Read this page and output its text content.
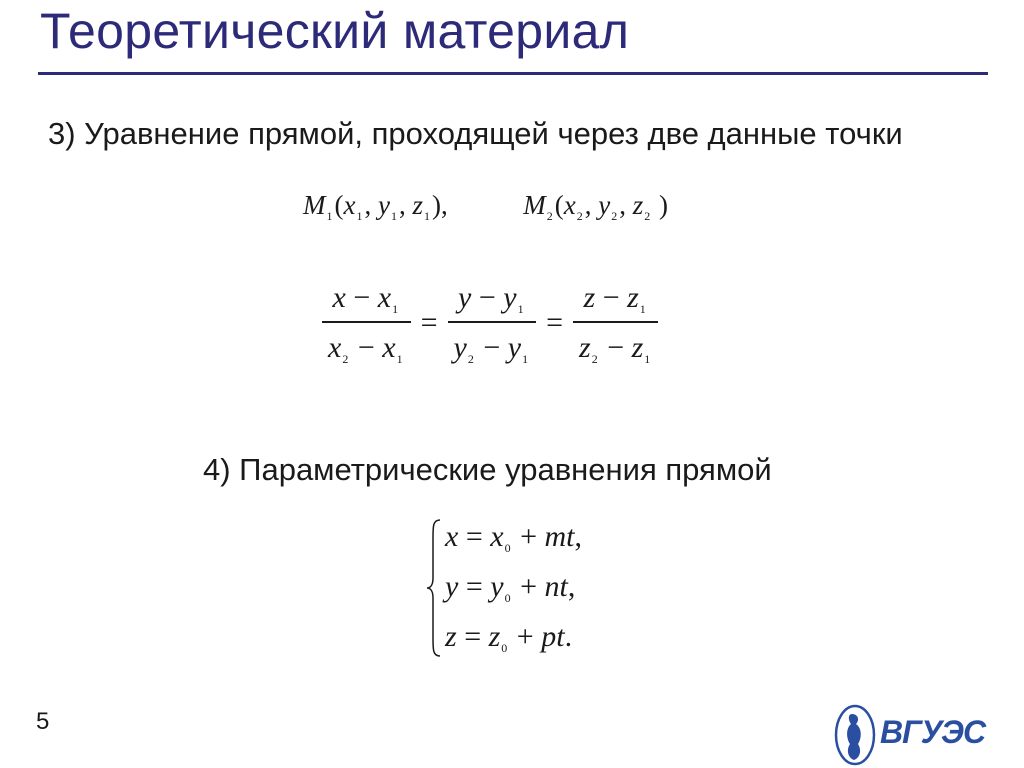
Теоретический материал
3) Уравнение прямой, проходящей через две данные точки
$M_1(x_1$, $y_1$, $z_1$),	$M_2(x_2$, $y_2$, $z_2$ )
$\frac{x - x_1}{x_2 - x_1} = \frac{y - y_1}{y_2 - y_1} = \frac{z - z_1}{z_2 - z_1}$
4) Параметрические уравнения прямой
$x = x_0$ + mt,
$y = y_0$ + nt,
$z = z_0$ + pt.
5	ВГУЭС
